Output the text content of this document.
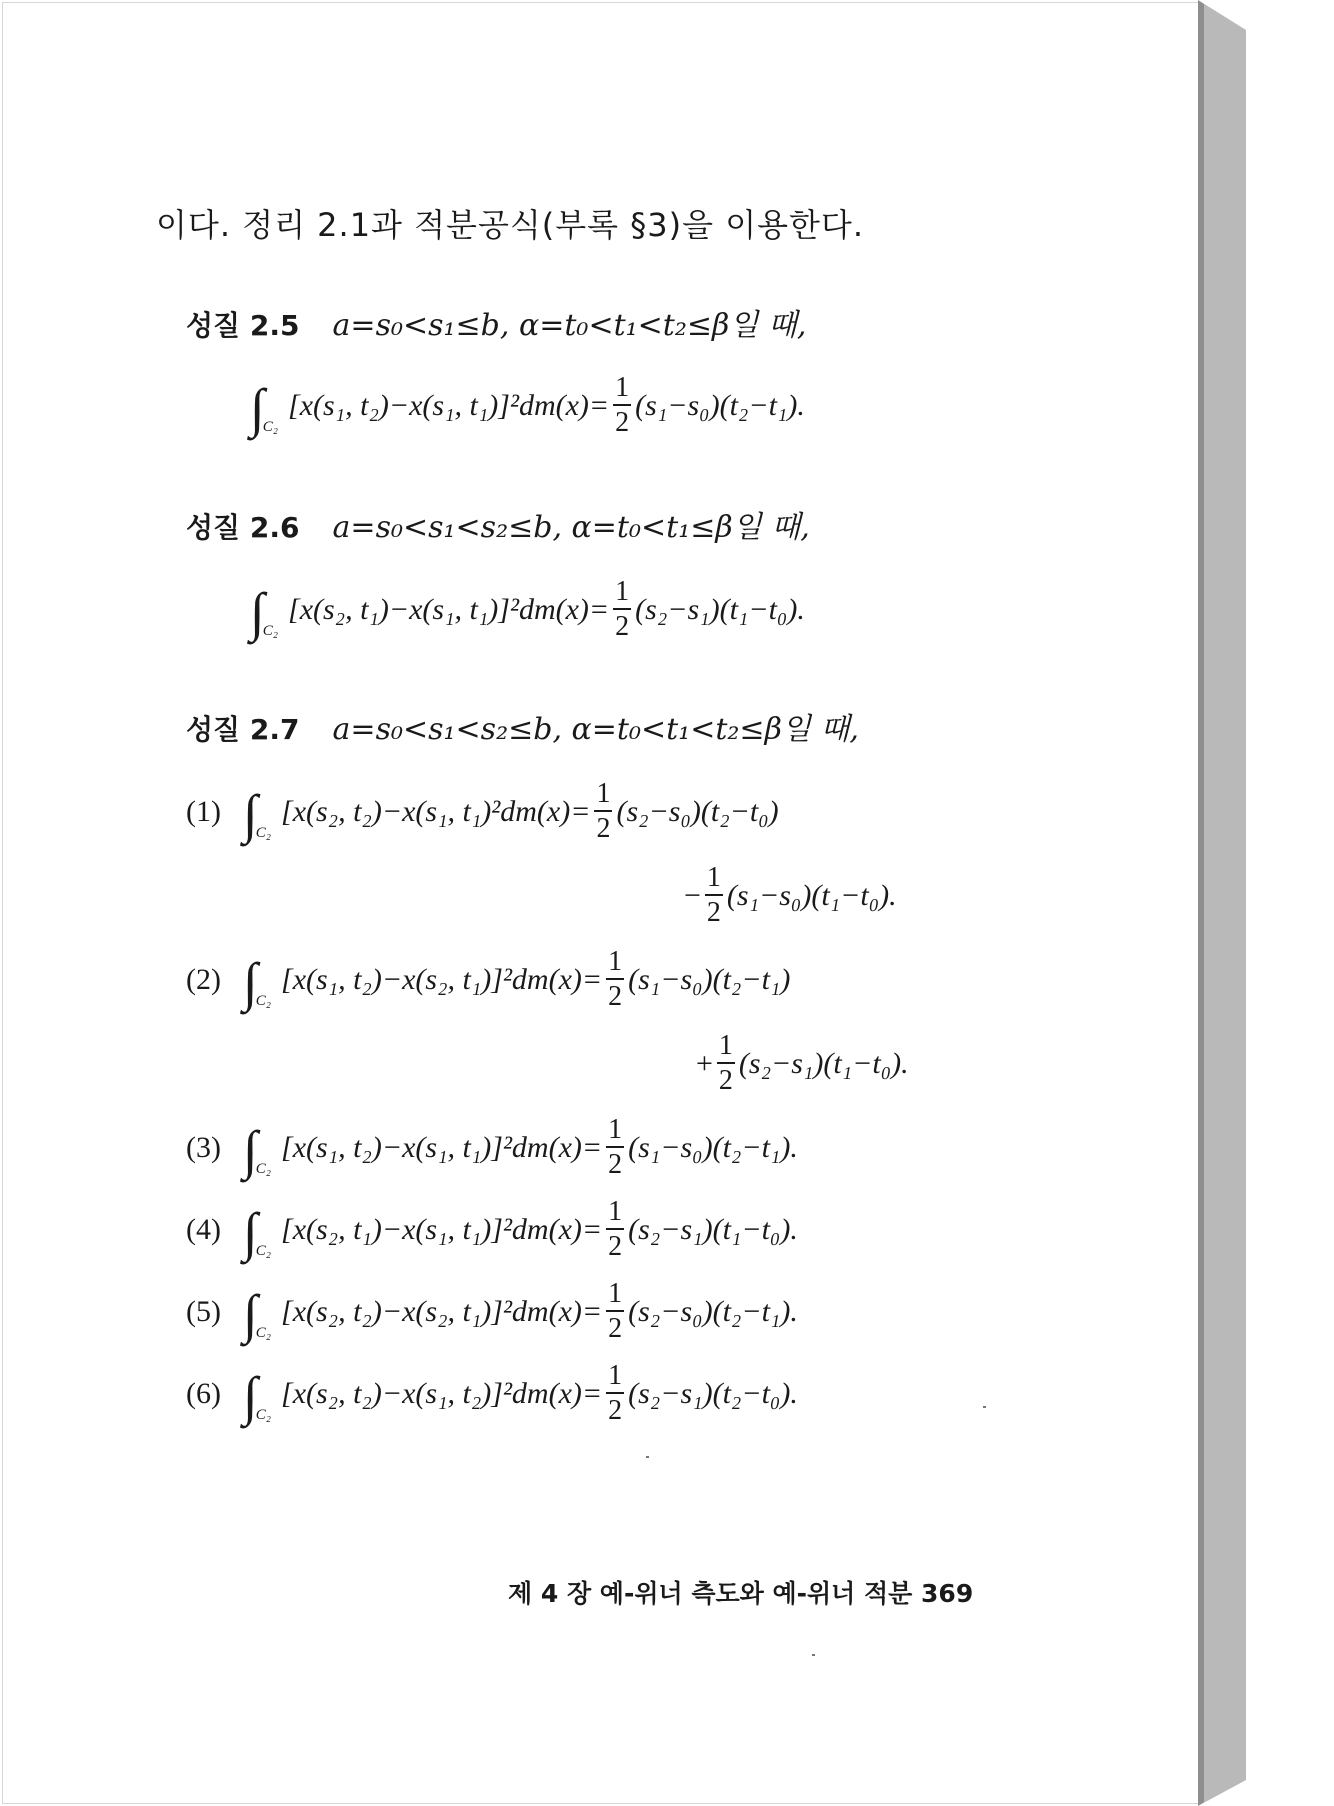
이다. 정리 2.1과 적분공식(부록 §3)을 이용한다.
성질 2.5 a=s₀<s₁≤b, α=t₀<t₁<t₂≤β일 때,
∫
C₂
[x(s₁, t₂)−x(s₁, $t_1)]^2dm(x)= \frac{1}{2} (s_1-s_0)(t_2-t_1)$.
성질 2.6 a=s₀<s₁<s₂≤b, α=t₀<t₁≤β일 때,
∫
C₂
[x(s₂, t₁)−x(s₁, $t_1)]^2dm(x)= \frac{1}{2} (s_2-s_1)(t_1-t_0)$.
성질 2.7 a=s₀<s₁<s₂≤b, α=t₀<t₁<t₂≤β일 때,
(1) ∫
C₂
[x(s₂, t₂)−x(s₁, $t_1)^2dm(x)= \frac{1}{2} (s_2-s_0)(t_2-t_0)$
− $\frac{1}{2} (s_1-s_0)(t_1-t_0)$.
(2) ∫
C₂
[x(s₁, t₂)−x(s₂, $t_1)]^2dm(x)= \frac{1}{2} (s_1-s_0)(t_2-t_1)$
+ $\frac{1}{2} (s_2-s_1)(t_1-t_0)$.
(3) ∫
C₂
[x(s₁, t₂)−x(s₁, $t_1)]^2dm(x)= \frac{1}{2} (s_1-s_0)(t_2-t_1)$.
(4) ∫
C₂
[x(s₂, t₁)−x(s₁, $t_1)]^2dm(x)= \frac{1}{2} (s_2-s_1)(t_1-t_0)$.
(5) ∫
C₂
[x(s₂, t₂)−x(s₂, $t_1)]^2dm(x)= \frac{1}{2} (s_2-s_0)(t_2-t_1)$.
(6) ∫
C₂
[x(s₂, t₂)−x(s₁, $t_2)]^2dm(x)= \frac{1}{2} (s_2-s_1)(t_2-t_0)$.
제 4 장 예-위너 측도와 예-위너 적분 369
